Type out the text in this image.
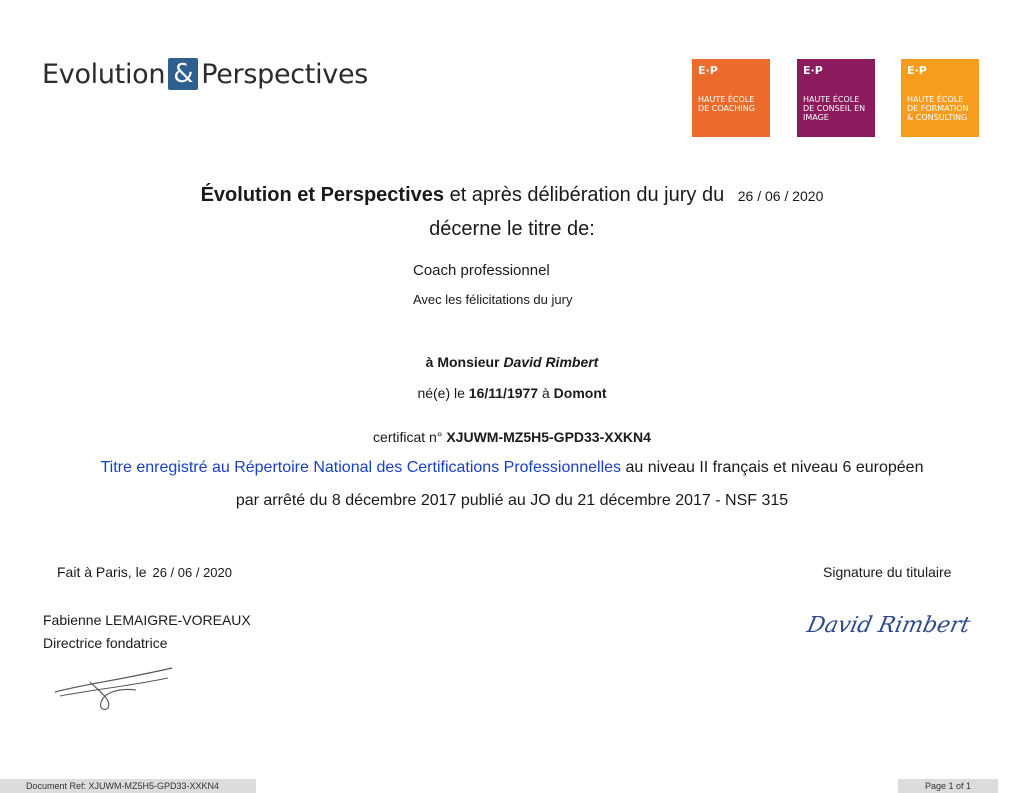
Evolution & Perspectives	E·P
HAUTE ÉCOLE DE COACHING
E·P
HAUTE ÉCOLE DE CONSEIL EN IMAGE
E·P
HAUTE ÉCOLE DE FORMATION & CONSULTING
Évolution et Perspectives et après délibération du jury du 26 / 06 / 2020
décerne le titre de:
Coach professionnel
Avec les félicitations du jury
à Monsieur David Rimbert
né(e) le 16/11/1977 à Domont
certificat n° XJUWM-MZ5H5-GPD33-XXKN4
Titre enregistré au Répertoire National des Certifications Professionnelles au niveau II français et niveau 6 européen
par arrêté du 8 décembre 2017 publié au JO du 21 décembre 2017 - NSF 315
Fait à Paris, le 26 / 06 / 2020	Signature du titulaire
Fabienne LEMAIGRE-VOREAUX
Directrice fondatrice
David Rimbert
Document Ref: XJUWM-MZ5H5-GPD33-XXKN4	Page 1 of 1
